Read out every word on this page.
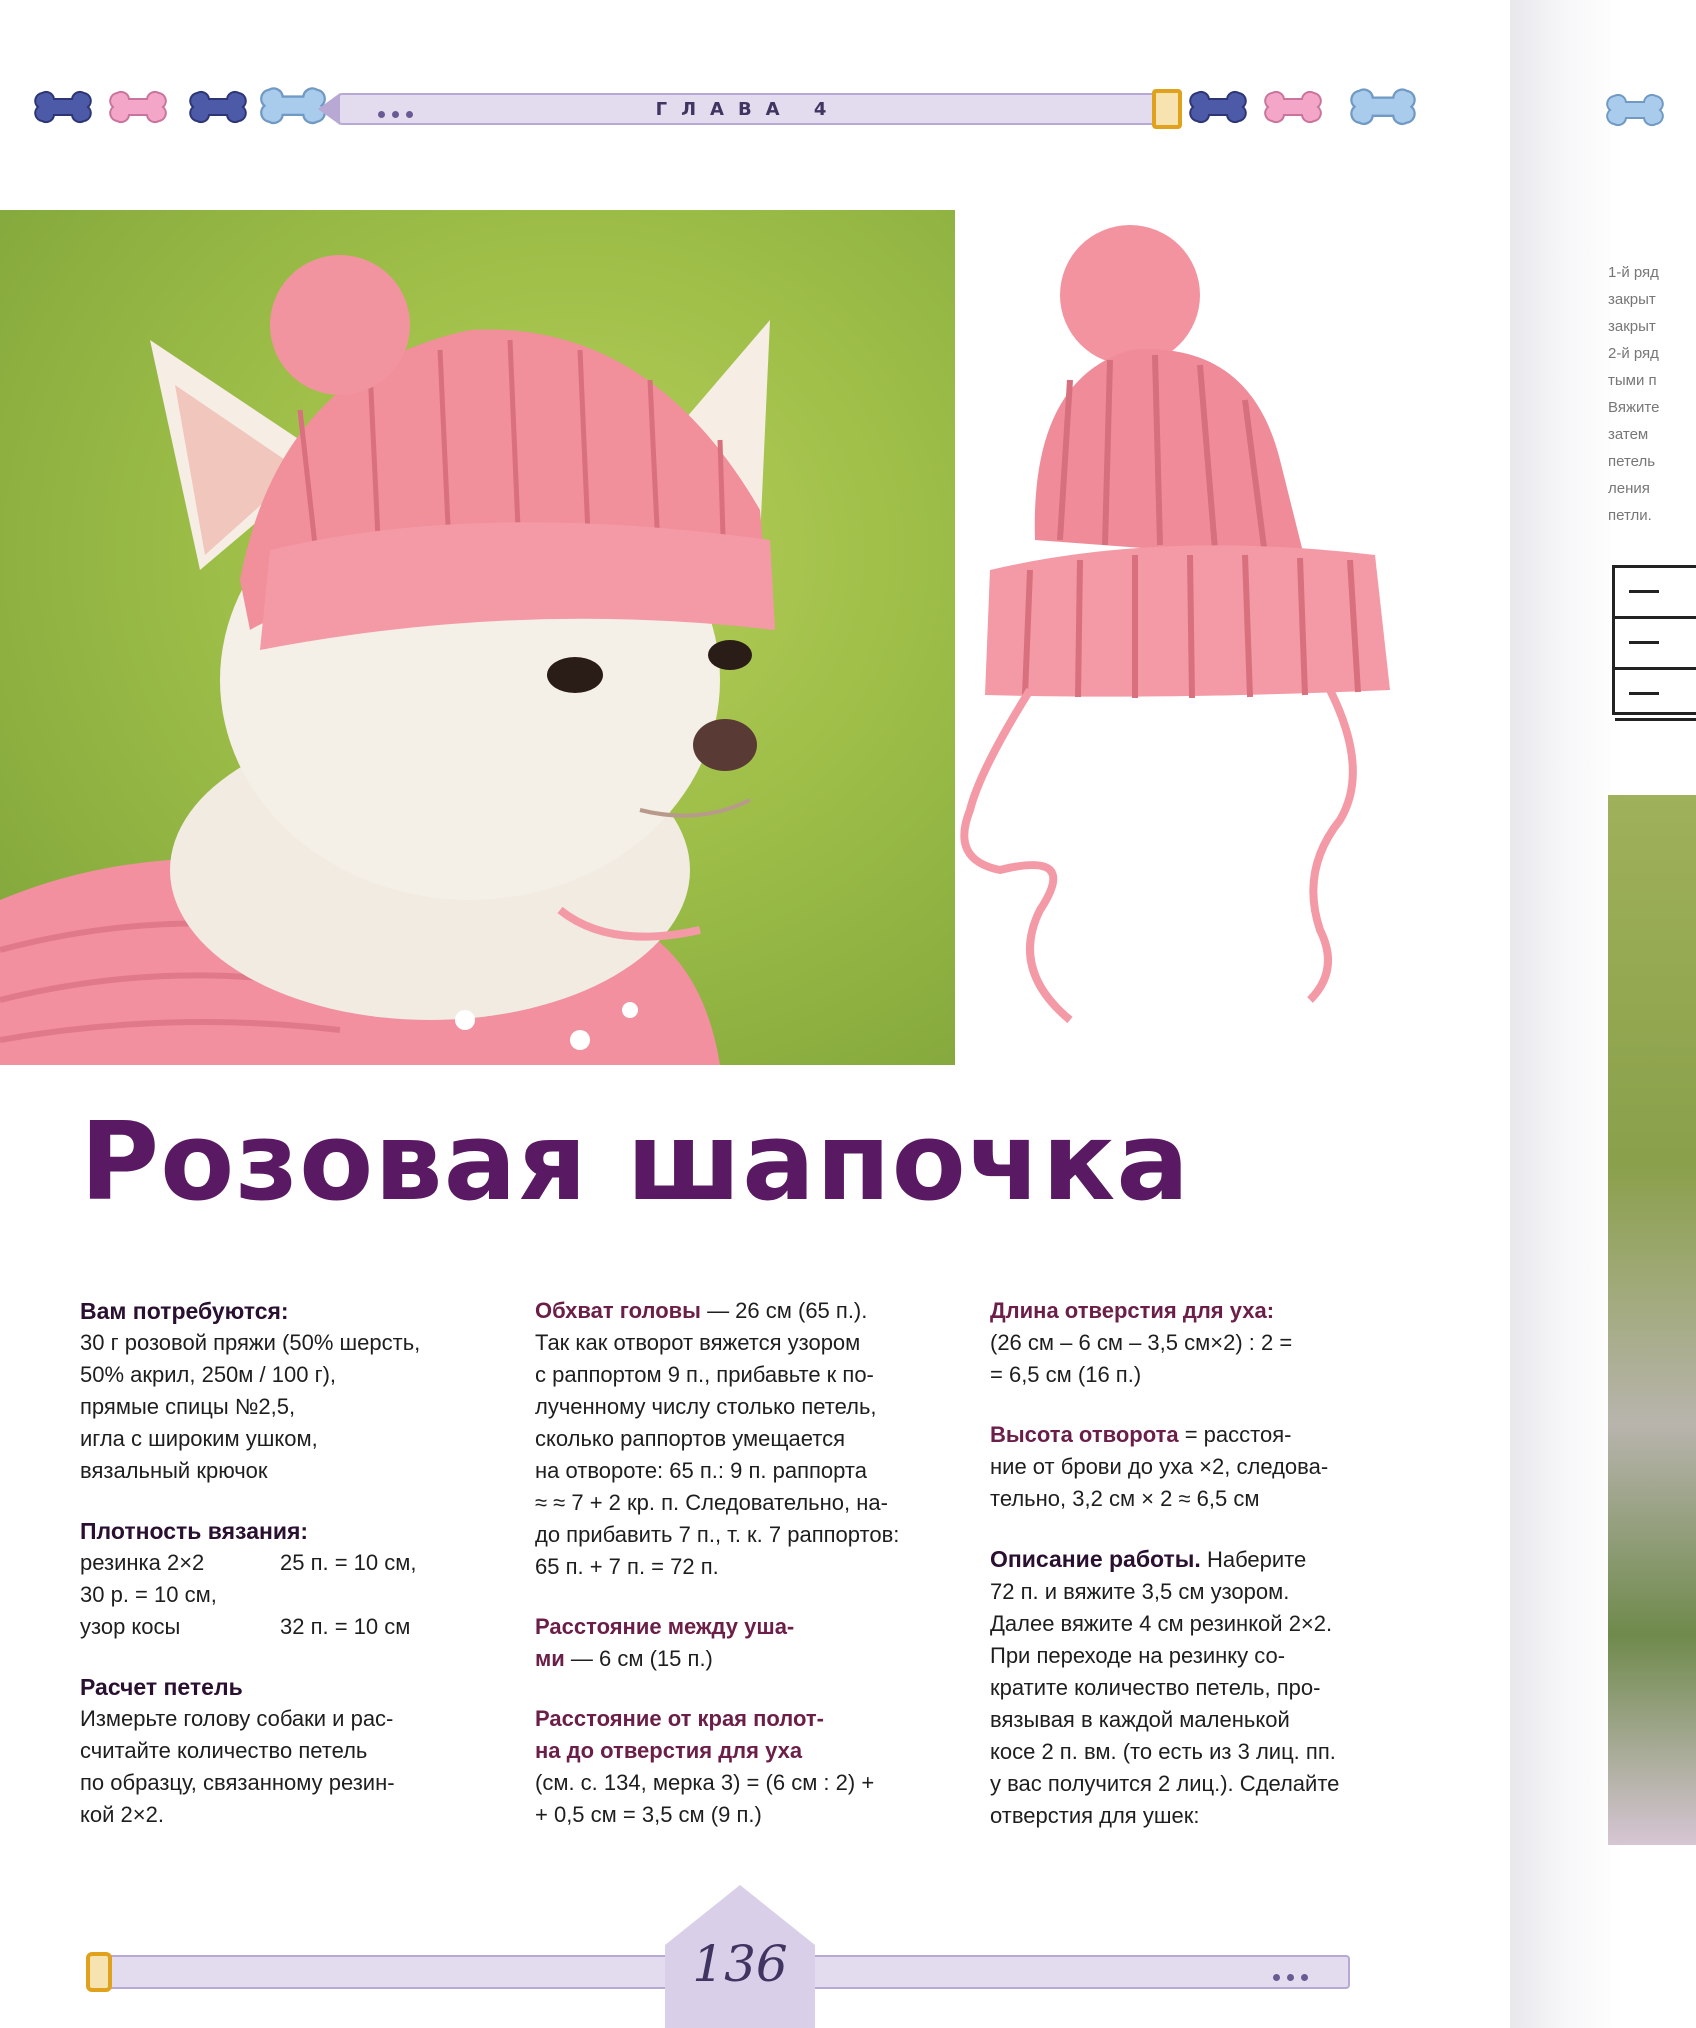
ГЛАВА 4

1-й ряд
закрыт
закрыт
2-й ряд
тыми п
Вяжите
затем
петель
ления
петли.

Розовая шапочка
Вам потребуются:
30 г розовой пряжи (50% шерсть,
50% акрил, 250м / 100 г),
прямые спицы №2,5,
игла с широким ушком,
вязальный крючок
Плотность вязания:
резинка 2×2	25 п. = 10 см,
30 р. = 10 см,
узор косы	32 п. = 10 см
Расчет петель
Измерьте голову собаки и рас-
считайте количество петель
по образцу, связанному резин-
кой 2×2.
Обхват головы — 26 см (65 п.).
Так как отворот вяжется узором
с раппортом 9 п., прибавьте к по-
лученному числу столько петель,
сколько раппортов умещается
на отвороте: 65 п.: 9 п. раппорта
≈ ≈ 7 + 2 кр. п. Следовательно, на-
до прибавить 7 п., т. к. 7 раппортов:
65 п. + 7 п. = 72 п.
Расстояние между уша-
ми — 6 см (15 п.)
Расстояние от края полот-
на до отверстия для уха
(см. с. 134, мерка 3) = (6 см : 2) +
+ 0,5 см = 3,5 см (9 п.)
Длина отверстия для уха:
(26 см – 6 см – 3,5 см×2) : 2 =
= 6,5 см (16 п.)
Высота отворота = расстоя-
ние от брови до уха ×2, следова-
тельно, 3,2 см × 2 ≈ 6,5 см
Описание работы. Наберите
72 п. и вяжите 3,5 см узором.
Далее вяжите 4 см резинкой 2×2.
При переходе на резинку со-
кратите количество петель, про-
вязывая в каждой маленькой
косе 2 п. вм. (то есть из 3 лиц. пп.
у вас получится 2 лиц.). Сделайте
отверстия для ушек:
136
